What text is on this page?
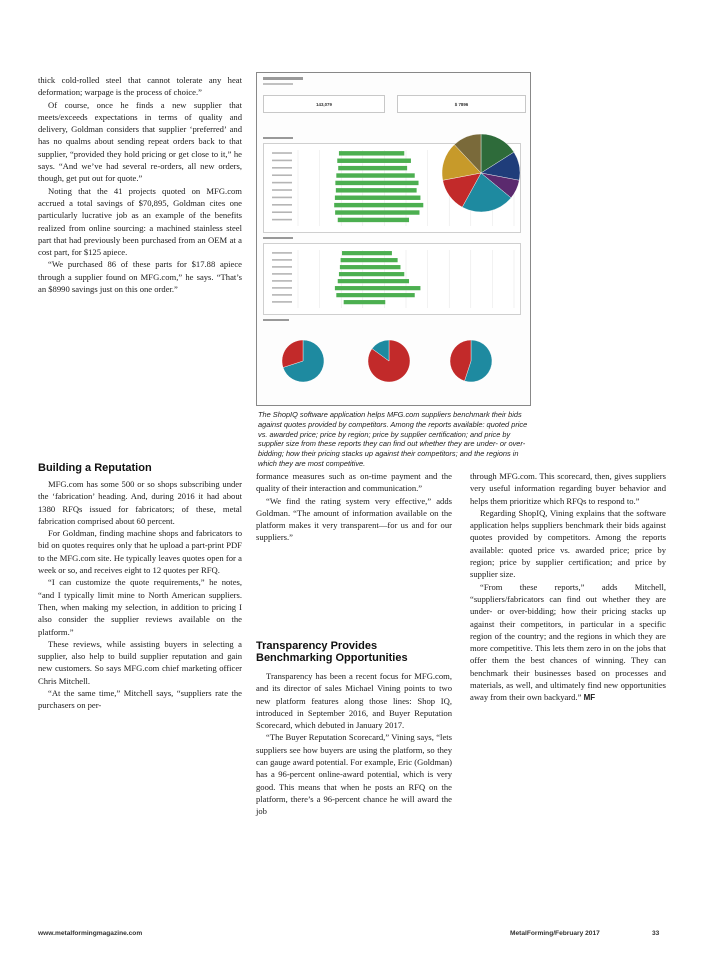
thick cold-rolled steel that cannot tolerate any heat deformation; warpage is the process of choice.”

Of course, once he finds a new supplier that meets/exceeds expectations in terms of quality and delivery, Goldman considers that supplier ‘preferred’ and has no qualms about sending repeat orders back to that supplier, “provided they hold pricing or get close to it,” he says. “And we’ve had several re-orders, all new orders, though, get put out for quote.”

Noting that the 41 projects quoted on MFG.com accrued a total savings of $70,895, Goldman cites one particularly lucrative job as an example of the benefits realized from online sourcing: a machined stainless steel part that had previously been purchased from an OEM at a cost part, for $125 apiece.

“We purchased 86 of these parts for $17.88 apiece through a supplier found on MFG.com,” he says. “That’s an $8990 savings just on this one order.”

Building a Reputation

MFG.com has some 500 or so shops subscribing under the ‘fabrication’ heading. And, during 2016 it had about 1380 RFQs issued for fabricators; of these, metal fabrication comprised about 60 percent.

For Goldman, finding machine shops and fabricators to bid on quotes requires only that he upload a part-print PDF to the MFG.com site. He typically leaves quotes open for a week or so, and receives eight to 12 quotes per RFQ.

“I can customize the quote requirements,” he notes, “and I typically limit mine to North American suppliers. Then, when making my selection, in addition to pricing I also consider the supplier reviews available on the platform.”

These reviews, while assisting buyers in selecting a supplier, also help to build supplier reputation and gain new customers. So says MFG.com chief marketing officer Chris Mitchell.

“At the same time,” Mitchell says, “suppliers rate the purchasers on per-

143,079	$ 7896

The ShopIQ software application helps MFG.com suppliers benchmark their bids against quotes provided by competitors. Among the reports available: quoted price vs. awarded price; price by region; price by supplier certification; and price by supplier size from these reports they can find out whether they are under- or over-bidding; how their pricing stacks up against their competitors; and the regions in which they are most competitive.

formance measures such as on-time payment and the quality of their interaction and communication.”

“We find the rating system very effective,” adds Goldman. “The amount of information available on the platform makes it very transparent—for us and for our suppliers.”

Transparency Provides Benchmarking Opportunities

Transparency has been a recent focus for MFG.com, and its director of sales Michael Vining points to two new platform features along those lines: Shop IQ, introduced in September 2016, and Buyer Reputation Scorecard, which debuted in January 2017.

“The Buyer Reputation Scorecard,” Vining says, “lets suppliers see how buyers are using the platform, so they can gauge award potential. For example, Eric (Goldman) has a 96-percent online-award potential, which is very good. This means that when he posts an RFQ on the platform, there’s a 96-percent chance he will award the job

through MFG.com. This scorecard, then, gives suppliers very useful information regarding buyer behavior and helps them prioritize which RFQs to respond to.”

Regarding ShopIQ, Vining explains that the software application helps suppliers benchmark their bids against quotes provided by competitors. Among the reports available: quoted price vs. awarded price; price by region; price by supplier certification; and price by supplier size.

“From these reports,” adds Mitchell, “suppliers/fabricators can find out whether they are under- or over-bidding; how their pricing stacks up against their competitors, in particular in a specific region of the country; and the regions in which they are more competitive. This lets them zero in on the jobs that offer them the best chances of winning. They can benchmark their businesses based on processes and materials, as well, and ultimately find new opportunities away from their own backyard.” MF

www.metalformingmagazine.com	MetalForming/February 2017	33
